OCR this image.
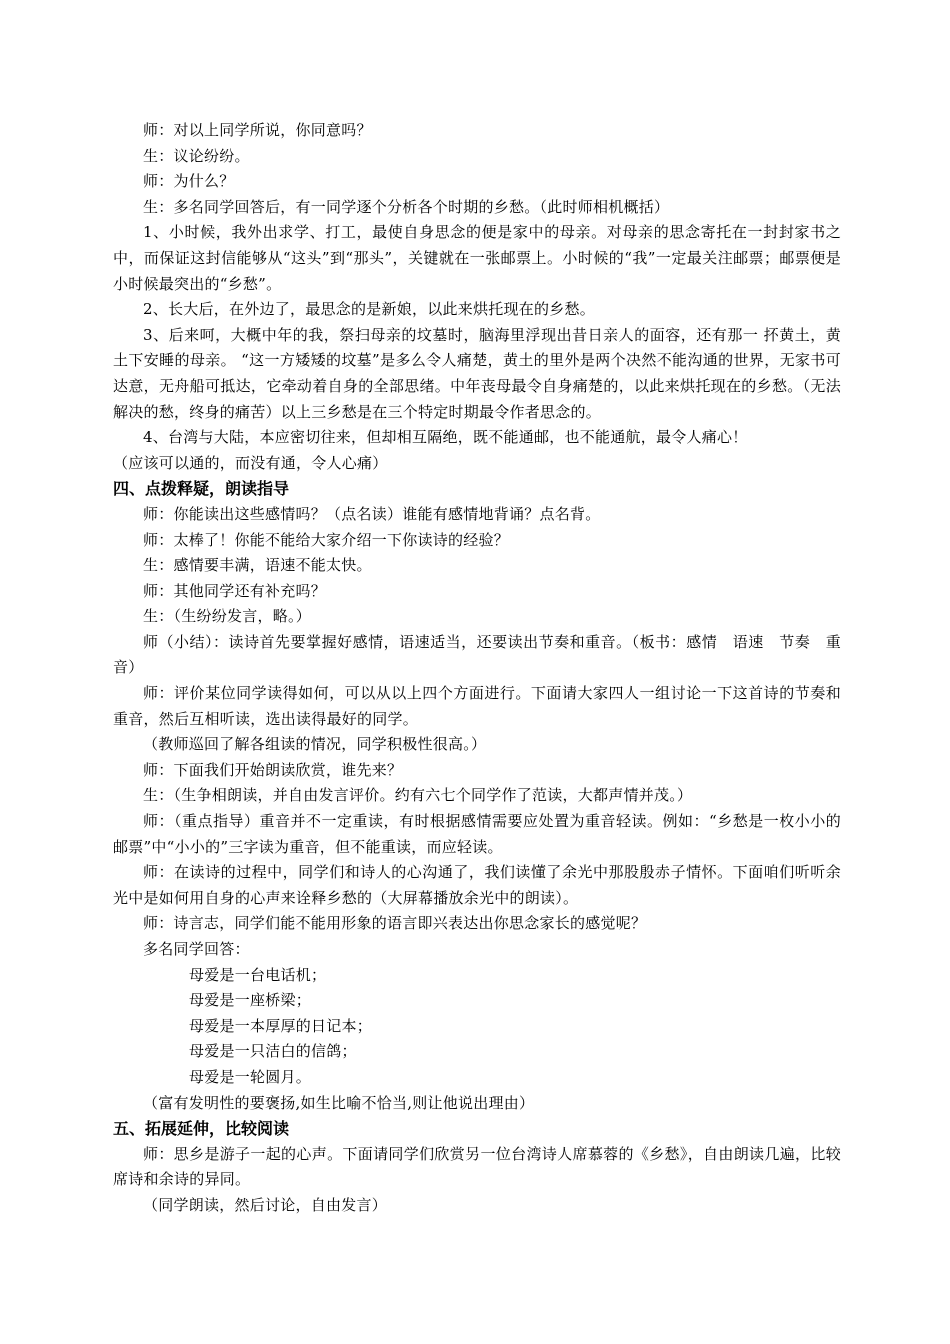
师：对以上同学所说，你同意吗？

生：议论纷纷。

师：为什么？

生：多名同学回答后，有一同学逐个分析各个时期的乡愁。（此时师相机概括）

1、小时候，我外出求学、打工，最使自身思念的便是家中的母亲。对母亲的思念寄托在一封封家书之中，而保证这封信能够从“这头”到“那头”，关键就在一张邮票上。小时候的“我”一定最关注邮票；邮票便是小时候最突出的“乡愁”。

2、长大后，在外边了，最思念的是新娘，以此来烘托现在的乡愁。

3、后来呵，大概中年的我，祭扫母亲的坟墓时，脑海里浮现出昔日亲人的面容，还有那一 抔黄土，黄土下安睡的母亲。 “这一方矮矮的坟墓”是多么令人痛楚，黄土的里外是两个决然不能沟通的世界，无家书可达意，无舟船可抵达，它牵动着自身的全部思绪。中年丧母最令自身痛楚的，以此来烘托现在的乡愁。（无法解决的愁，终身的痛苦）以上三乡愁是在三个特定时期最令作者思念的。

4、台湾与大陆，本应密切往来，但却相互隔绝，既不能通邮，也不能通航，最令人痛心！

（应该可以通的，而没有通，令人心痛）

四、点拨释疑，朗读指导

师：你能读出这些感情吗？（点名读）谁能有感情地背诵？点名背。

师：太棒了！你能不能给大家介绍一下你读诗的经验？

生：感情要丰满，语速不能太快。

师：其他同学还有补充吗？

生：（生纷纷发言，略。）

师（小结）：读诗首先要掌握好感情，语速适当，还要读出节奏和重音。（板书：感情　语速　节奏　重音）

师：评价某位同学读得如何，可以从以上四个方面进行。下面请大家四人一组讨论一下这首诗的节奏和重音，然后互相听读，选出读得最好的同学。

（教师巡回了解各组读的情况，同学积极性很高。）

师：下面我们开始朗读欣赏，谁先来？

生：（生争相朗读，并自由发言评价。约有六七个同学作了范读，大都声情并茂。）

师：（重点指导）重音并不一定重读，有时根据感情需要应处置为重音轻读。例如：“乡愁是一枚小小的邮票”中“小小的”三字读为重音，但不能重读，而应轻读。

师：在读诗的过程中，同学们和诗人的心沟通了，我们读懂了余光中那股殷赤子情怀。下面咱们听听余光中是如何用自身的心声来诠释乡愁的（大屏幕播放余光中的朗读）。

师：诗言志，同学们能不能用形象的语言即兴表达出你思念家长的感觉呢？

多名同学回答：

母爱是一台电话机；

母爱是一座桥梁；

母爱是一本厚厚的日记本；

母爱是一只洁白的信鸽；

母爱是一轮圆月。

（富有发明性的要褒扬,如生比喻不恰当,则让他说出理由）

五、拓展延伸，比较阅读

师：思乡是游子一起的心声。下面请同学们欣赏另一位台湾诗人席慕蓉的《乡愁》，自由朗读几遍，比较席诗和余诗的异同。

（同学朗读，然后讨论，自由发言）
